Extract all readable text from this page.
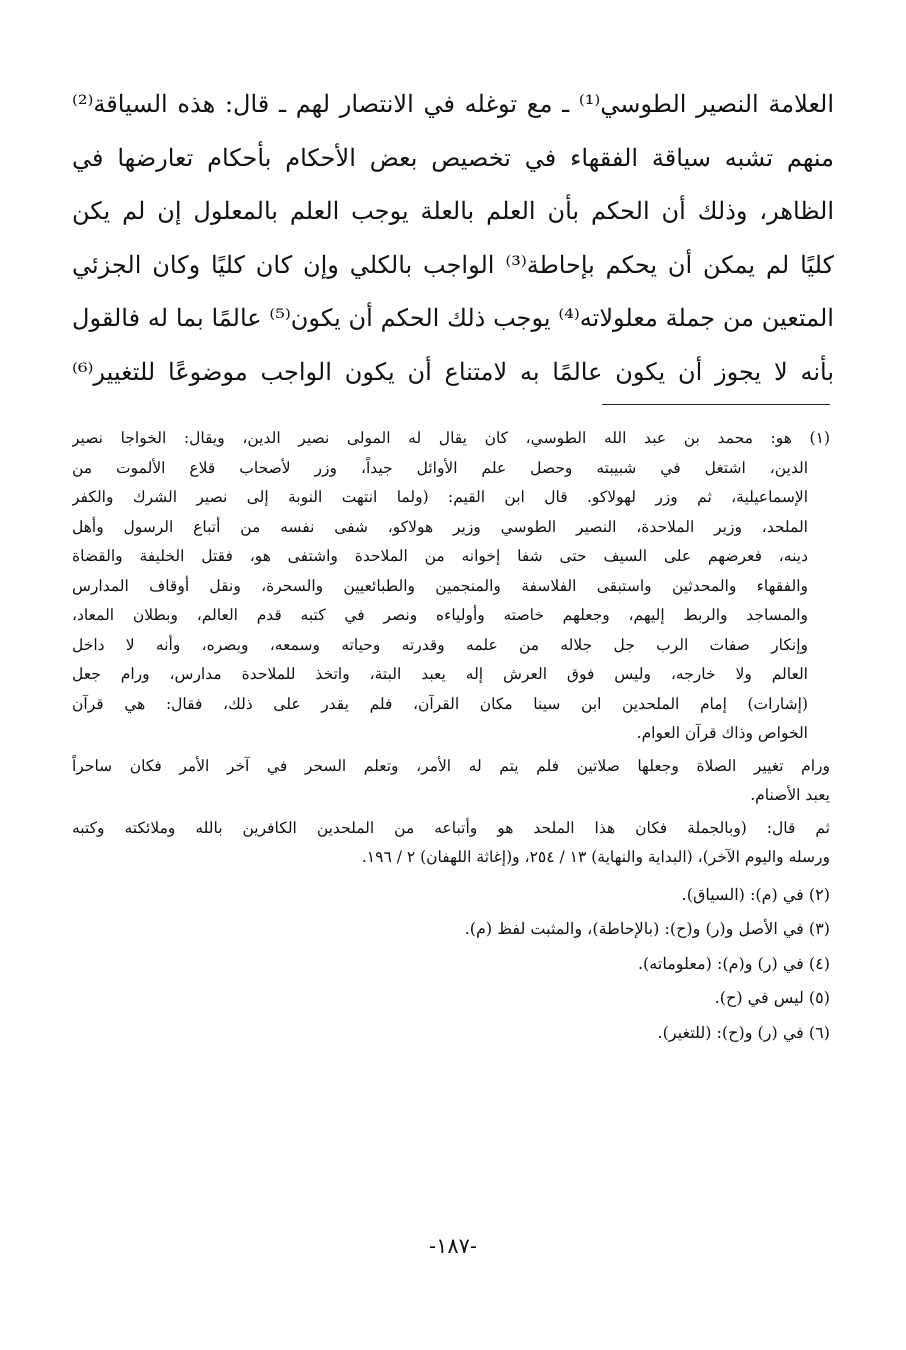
العلامة النصير الطوسي⁽¹⁾ ـ مع توغله في الانتصار لهم ـ قال: هذه السياقة⁽²⁾
منهم تشبه سياقة الفقهاء في تخصيص بعض الأحكام بأحكام تعارضها في
الظاهر، وذلك أن الحكم بأن العلم بالعلة يوجب العلم بالمعلول إن لم يكن
كليًا لم يمكن أن يحكم بإحاطة⁽³⁾ الواجب بالكلي وإن كان كليًا وكان الجزئي
المتعين من جملة معلولاته⁽⁴⁾ يوجب ذلك الحكم أن يكون⁽⁵⁾ عالمًا بما له فالقول
بأنه لا يجوز أن يكون عالمًا به لامتناع أن يكون الواجب موضوعًا للتغيير⁽⁶⁾
(١) هو: محمد بن عبد الله الطوسي، كان يقال له المولى نصير الدين، ويقال: الخواجا نصير
الدين، اشتغل في شبيبته وحصل علم الأوائل جيداً، وزر لأصحاب قلاع الألموت من
الإسماعيلية، ثم وزر لهولاكو. قال ابن القيم: (ولما انتهت النوبة إلى نصير الشرك والكفر
الملحد، وزير الملاحدة، النصير الطوسي وزير هولاكو، شفى نفسه من أتباع الرسول وأهل
دينه، فعرضهم على السيف حتى شفا إخوانه من الملاحدة واشتفى هو، فقتل الخليفة والقضاة
والفقهاء والمحدثين واستبقى الفلاسفة والمنجمين والطبائعيين والسحرة، ونقل أوقاف المدارس
والمساجد والربط إليهم، وجعلهم خاصته وأولياءه ونصر في كتبه قدم العالم، وبطلان المعاد،
وإنكار صفات الرب جل جلاله من علمه وقدرته وحياته وسمعه، وبصره، وأنه لا داخل
العالم ولا خارجه، وليس فوق العرش إله يعبد البتة، واتخذ للملاحدة مدارس، ورام جعل
(إشارات) إمام الملحدين ابن سينا مكان القرآن، فلم يقدر على ذلك، فقال: هي قرآن
الخواص وذاك قرآن العوام.
ورام تغيير الصلاة وجعلها صلاتين فلم يتم له الأمر، وتعلم السحر في آخر الأمر فكان ساحراً
يعبد الأصنام.
ثم قال: (وبالجملة فكان هذا الملحد هو وأتباعه من الملحدين الكافرين بالله وملائكته وكتبه
ورسله واليوم الآخر)، (البداية والنهاية) ١٣ / ٢٥٤، و(إغاثة اللهفان) ٢ / ١٩٦.
(٢) في (م): (السياق).
(٣) في الأصل و(ر) و(ح): (بالإحاطة)، والمثبت لفظ (م).
(٤) في (ر) و(م): (معلوماته).
(٥) ليس في (ح).
(٦) في (ر) و(ح): (للتغير).
-١٨٧-
